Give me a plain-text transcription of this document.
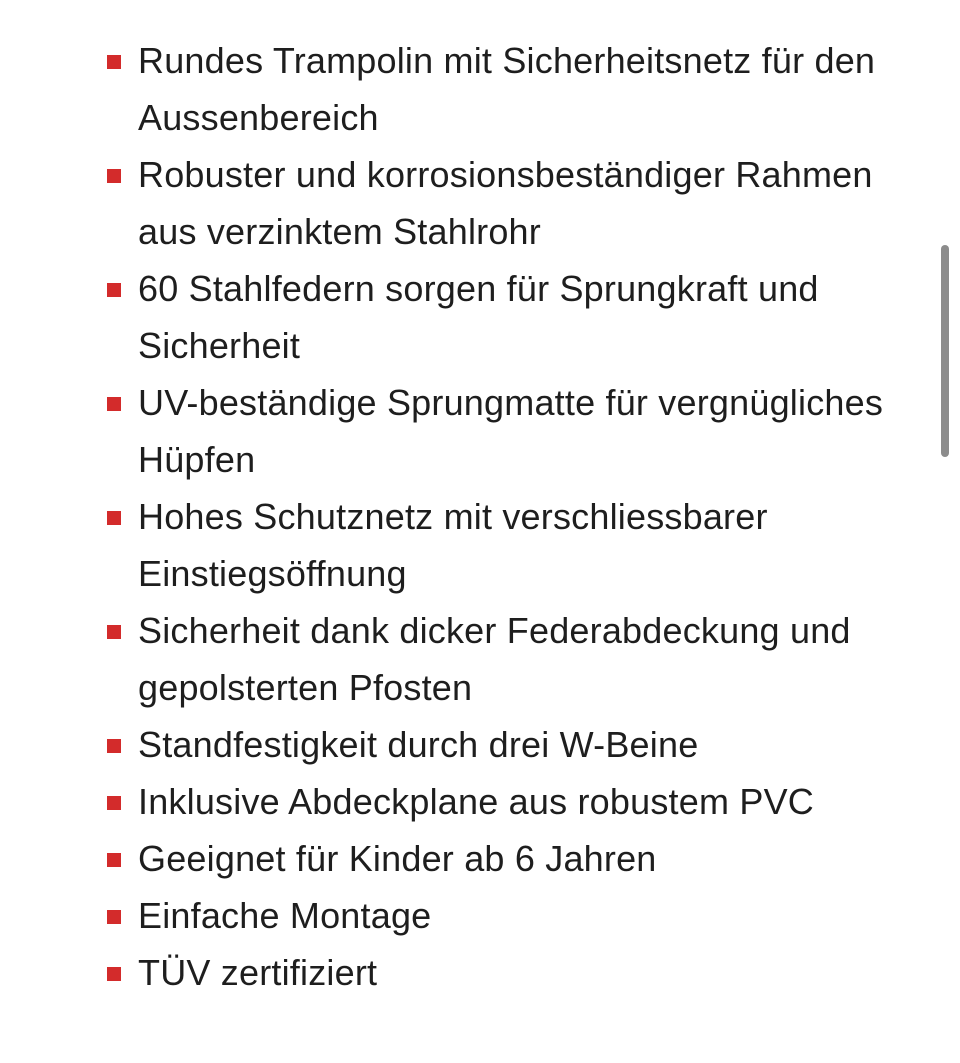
Rundes Trampolin mit Sicherheitsnetz für den Aussenbereich
Robuster und korrosionsbeständiger Rahmen aus verzinktem Stahlrohr
60 Stahlfedern sorgen für Sprungkraft und Sicherheit
UV-beständige Sprungmatte für vergnügliches Hüpfen
Hohes Schutznetz mit verschliessbarer Einstiegsöffnung
Sicherheit dank dicker Federabdeckung und gepolsterten Pfosten
Standfestigkeit durch drei W-Beine
Inklusive Abdeckplane aus robustem PVC
Geeignet für Kinder ab 6 Jahren
Einfache Montage
TÜV zertifiziert
